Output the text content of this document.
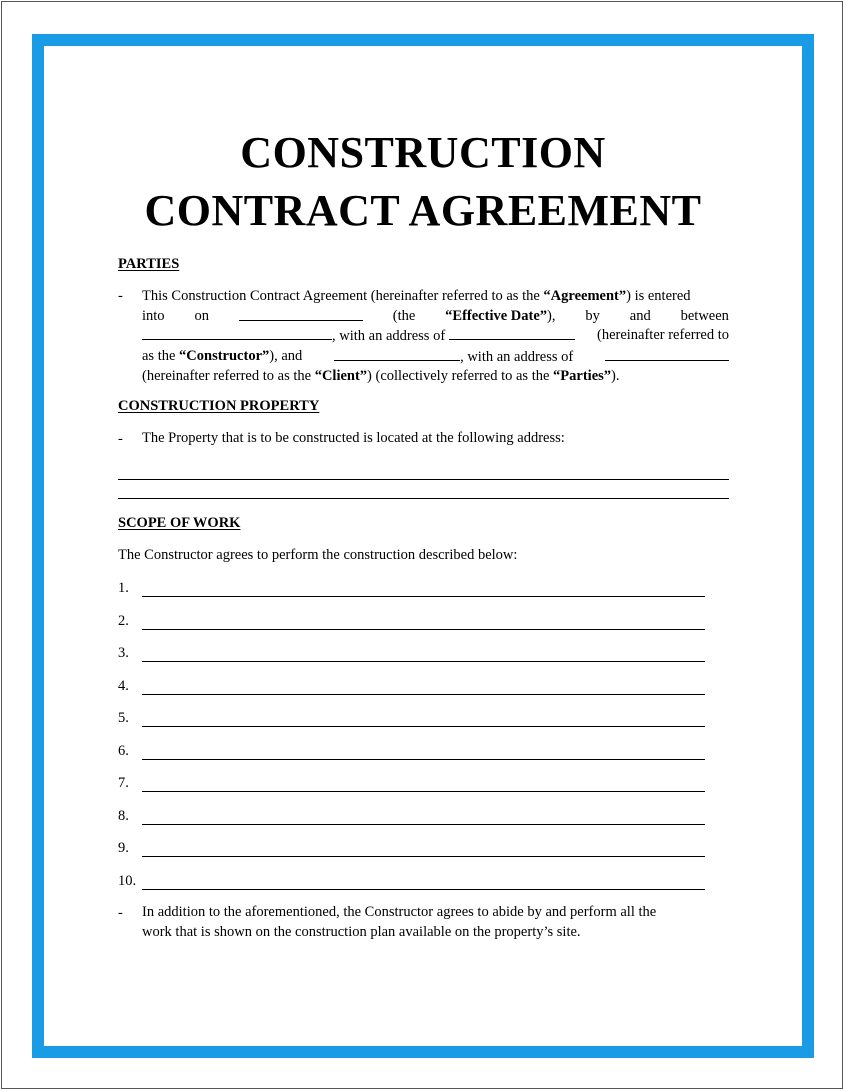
CONSTRUCTION
CONTRACT AGREEMENT
PARTIES
- This Construction Contract Agreement (hereinafter referred to as the “Agreement”) is entered
into on	(the “Effective Date”), by and between
, with an address of	(hereinafter referred to
as the “Constructor”), and	, with an address of
(hereinafter referred to as the “Client”) (collectively referred to as the “Parties”).
CONSTRUCTION PROPERTY
- The Property that is to be constructed is located at the following address:
SCOPE OF WORK
The Constructor agrees to perform the construction described below:
1.
2.
3.
4.
5.
6.
7.
8.
9.
10.
- In addition to the aforementioned, the Constructor agrees to abide by and perform all the
work that is shown on the construction plan available on the property’s site.
